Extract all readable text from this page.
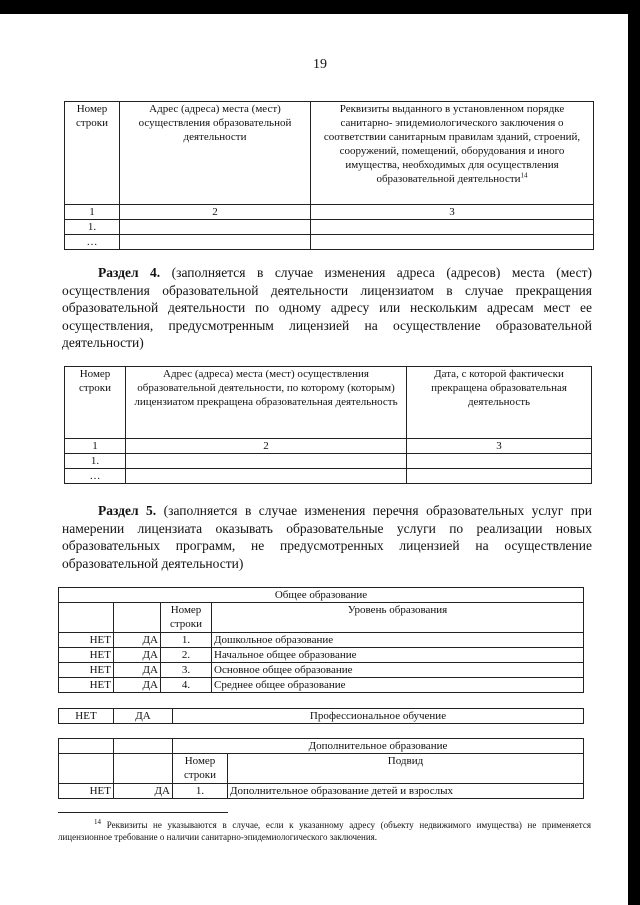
19
Номер строки	Адрес (адреса) места (мест) осуществления образовательной деятельности	Реквизиты выданного в установленном порядке санитарно- эпидемиологического заключения о соответствии санитарным правилам зданий, строений, сооружений, помещений, оборудования и иного имущества, необходимых для осуществления образовательной деятельности$^{14}$
1	2	3
1.		
…		
Раздел 4. (заполняется в случае изменения адреса (адресов) места (мест) осуществления образовательной деятельности лицензиатом в случае прекращения образовательной деятельности по одному адресу или нескольким адресам мест ее осуществления, предусмотренным лицензией на осуществление образовательной деятельности)
Номер строки	Адрес (адреса) места (мест) осуществления образовательной деятельности, по которому (которым) лицензиатом прекращена образовательная деятельность	Дата, с которой фактически прекращена образовательная деятельность
1	2	3
1.		
…		
Раздел 5. (заполняется в случае изменения перечня образовательных услуг при намерении лицензиата оказывать образовательные услуги по реализации новых образовательных программ, не предусмотренных лицензией на осуществление образовательной деятельности)
Общее образование			
		Номер строки	Уровень образования
НЕТ	ДА	1.	Дошкольное образование
НЕТ	ДА	2.	Начальное общее образование
НЕТ	ДА	3.	Основное общее образование
НЕТ	ДА	4.	Среднее общее образование
НЕТ	ДА	Профессиональное обучение
		Дополнительное образование	
		Номер строки	Подвид
НЕТ	ДА	1.	Дополнительное образование детей и взрослых
$^{14}$ Реквизиты не указываются в случае, если к указанному адресу (объекту недвижимого имущества) не применяется лицензионное требование о наличии санитарно-эпидемиологического заключения.
